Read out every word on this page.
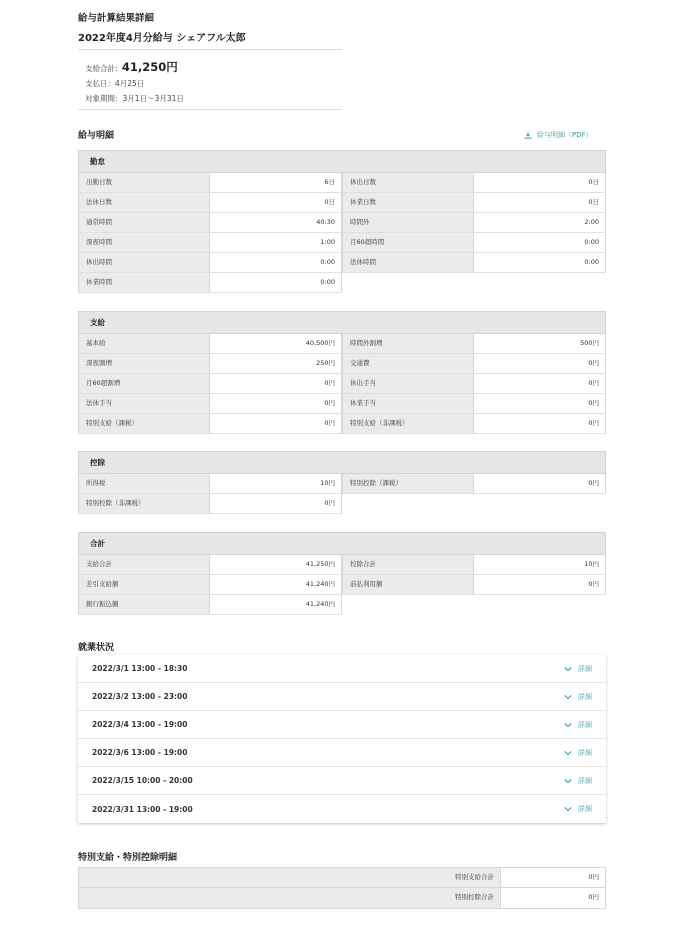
給与計算結果詳細
2022年度4月分給与 シェアフル太郎
支給合計: 41,250円
支払日：4月25日
対象期間：3月1日〜3月31日
給与明細	給与明細（PDF）
勤怠
出勤日数	6日	休出日数	0日
法休日数	0日	休業日数	0日
通常時間	40:30	時間外	2:00
深夜時間	1:00	月60超時間	0:00
休出時間	0:00	法休時間	0:00
休業時間	0:00
支給
基本給	40,500円	時間外割増	500円
深夜割増	250円	交通費	0円
月60超割増	0円	休出手当	0円
法休手当	0円	休業手当	0円
特別支給（課税）	0円	特別支給（非課税）	0円
控除
所得税	10円	特別控除（課税）	0円
特別控除（非課税）	0円
合計
支給合計	41,250円	控除合計	10円
差引支給額	41,240円	前払利用額	0円
銀行振込額	41,240円
就業状況
2022/3/1 13:00 - 18:30	詳細
2022/3/2 13:00 - 23:00	詳細
2022/3/4 13:00 - 19:00	詳細
2022/3/6 13:00 - 19:00	詳細
2022/3/15 10:00 - 20:00	詳細
2022/3/31 13:00 - 19:00	詳細
特別支給・特別控除明細
特別支給合計	0円
特別控除合計	0円
